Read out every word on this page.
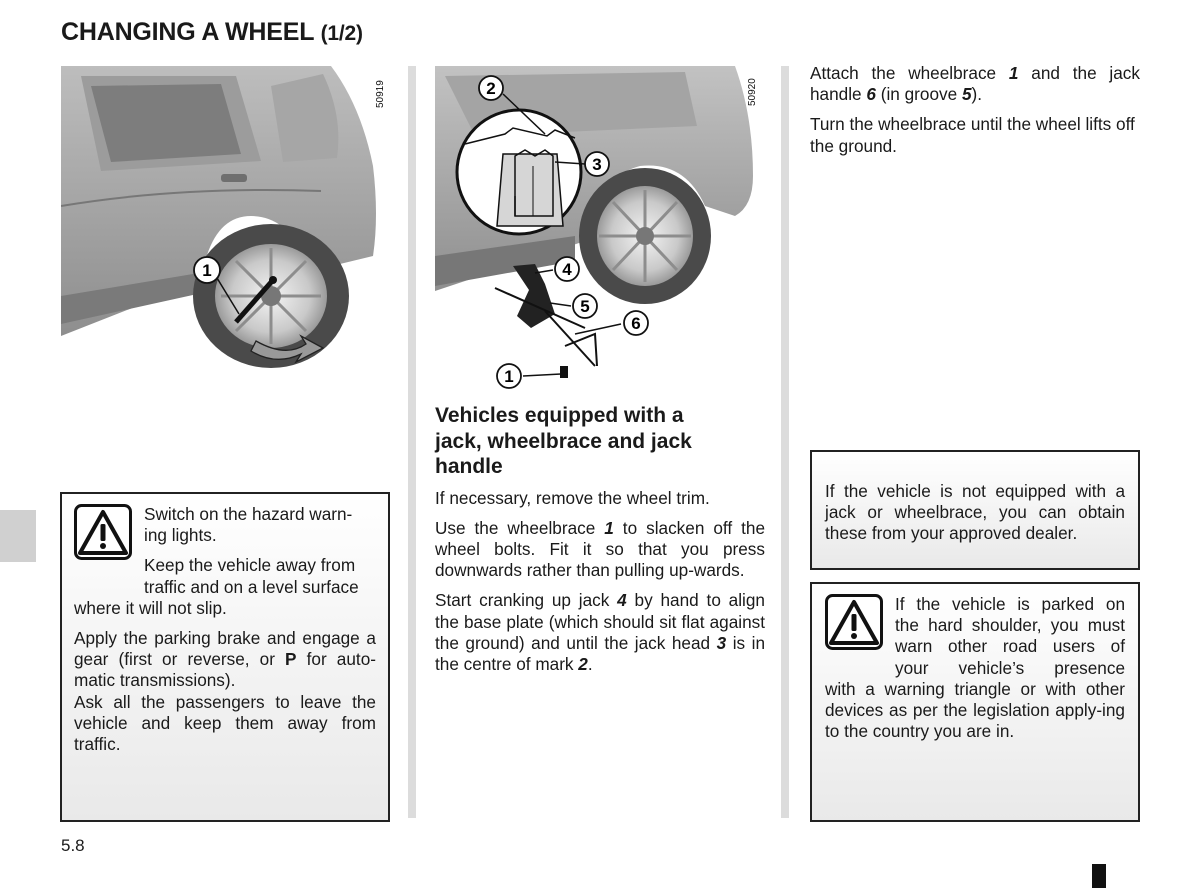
CHANGING A WHEEL (1/2)
1
50919	2
3
4
5
6
1
50920
Switch on the hazard warn-
ing lights.
Keep the vehicle away from
traffic and on a level surface
where it will not slip.

Apply the parking brake and engage a gear (first or reverse, or P for auto-matic transmissions).

Ask all the passengers to leave the vehicle and keep them away from traffic.

Vehicles equipped with a
jack, wheelbrace and jack
handle

If necessary, remove the wheel trim.

Use the wheelbrace 1 to slacken off the wheel bolts. Fit it so that you press downwards rather than pulling up-wards.

Start cranking up jack 4 by hand to align the base plate (which should sit flat against the ground) and until the jack head 3 is in the centre of mark 2.

Attach the wheelbrace 1 and the jack handle 6 (in groove 5).

Turn the wheelbrace until the wheel lifts off the ground.

If the vehicle is not equipped with a jack or wheelbrace, you can obtain these from your approved dealer.
If the vehicle is parked on
the hard shoulder, you must
warn other road users of
your vehicle’s presence
with a warning triangle or with other devices as per the legislation apply-ing to the country you are in.
5.8
